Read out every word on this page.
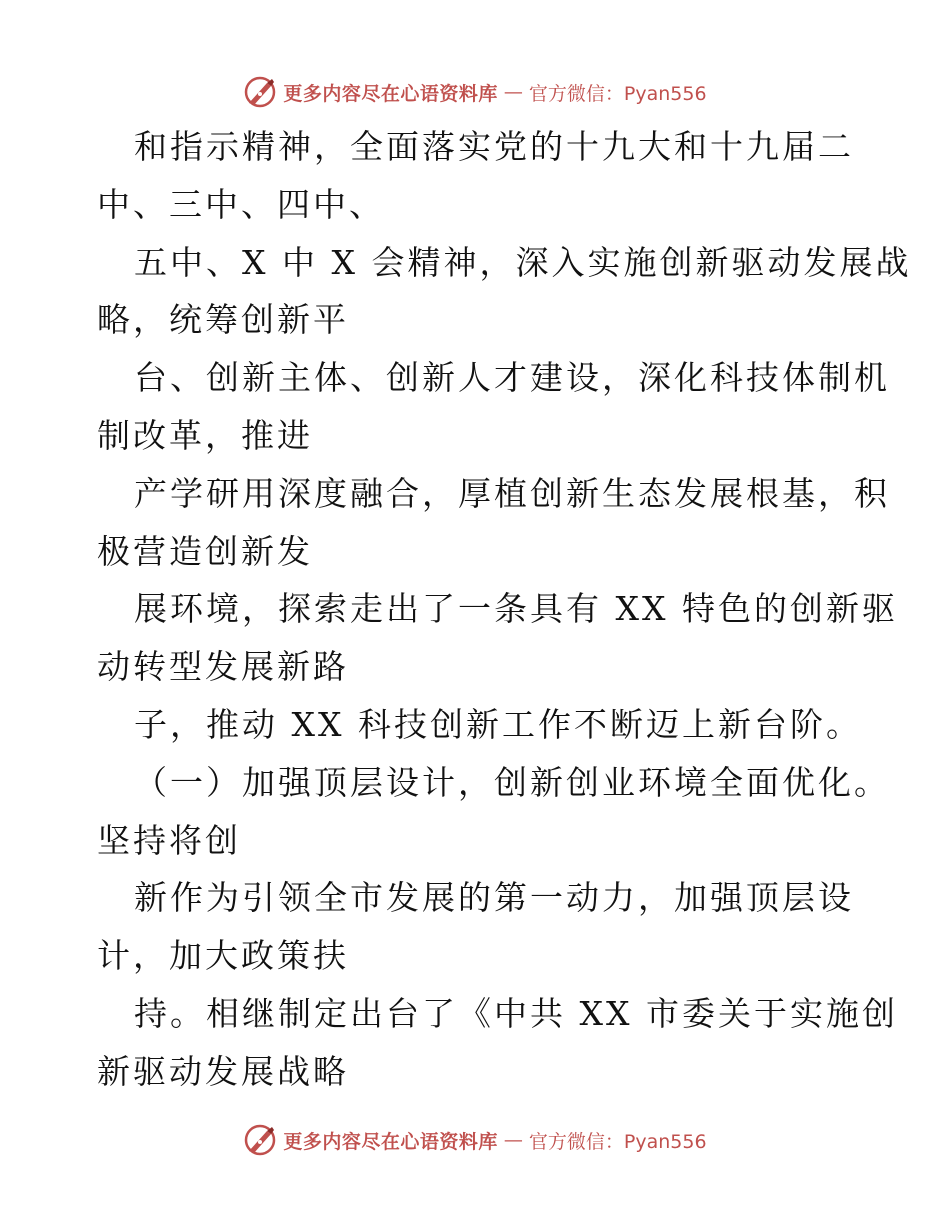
更多内容尽在心语资料库 — 官方微信：Pyan556
和指示精神，全面落实党的十九大和十九届二
中、三中、四中、
五中、X 中 X 会精神，深入实施创新驱动发展战
略，统筹创新平
台、创新主体、创新人才建设，深化科技体制机
制改革，推进
产学研用深度融合，厚植创新生态发展根基，积
极营造创新发
展环境，探索走出了一条具有 XX 特色的创新驱
动转型发展新路
子，推动 XX 科技创新工作不断迈上新台阶。
（一）加强顶层设计，创新创业环境全面优化。
坚持将创
新作为引领全市发展的第一动力，加强顶层设
计，加大政策扶
持。相继制定出台了《中共 XX 市委关于实施创
新驱动发展战略
更多内容尽在心语资料库 — 官方微信：Pyan556
